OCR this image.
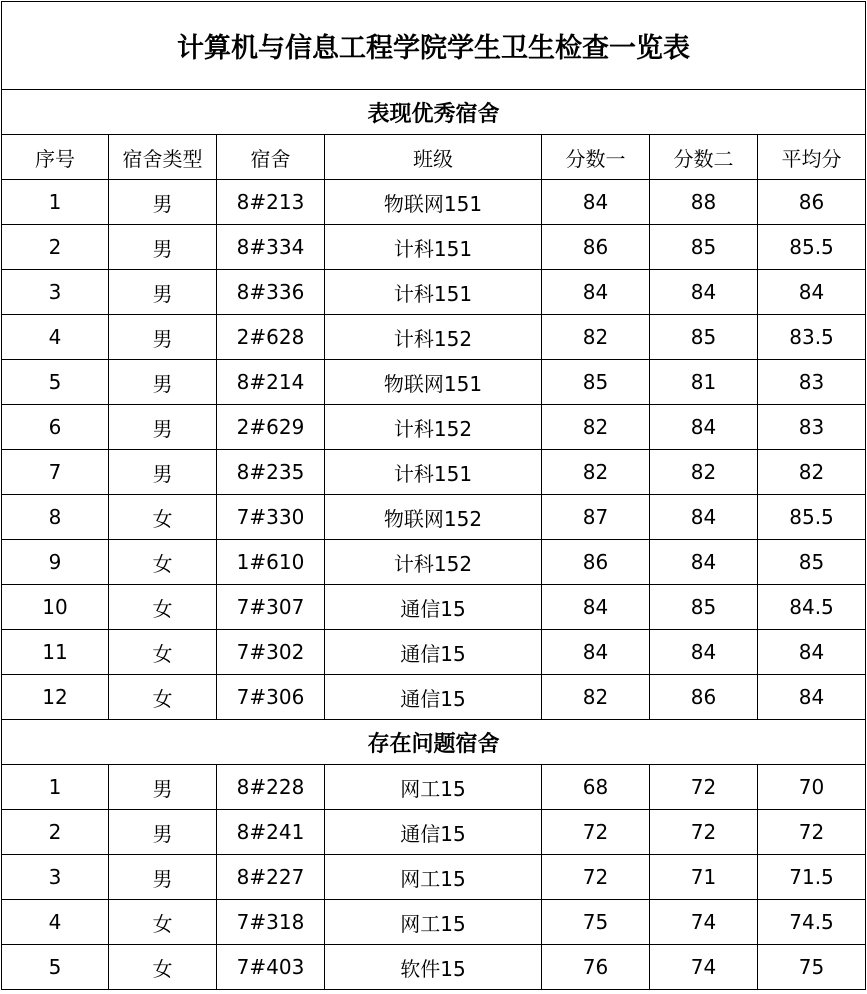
计算机与信息工程学院学生卫生检查一览表						
表现优秀宿舍						
序号	宿舍类型	宿舍	班级	分数一	分数二	平均分
1	男	8#213	物联网151	84	88	86
2	男	8#334	计科151	86	85	85.5
3	男	8#336	计科151	84	84	84
4	男	2#628	计科152	82	85	83.5
5	男	8#214	物联网151	85	81	83
6	男	2#629	计科152	82	84	83
7	男	8#235	计科151	82	82	82
8	女	7#330	物联网152	87	84	85.5
9	女	1#610	计科152	86	84	85
10	女	7#307	通信15	84	85	84.5
11	女	7#302	通信15	84	84	84
12	女	7#306	通信15	82	86	84
存在问题宿舍						
1	男	8#228	网工15	68	72	70
2	男	8#241	通信15	72	72	72
3	男	8#227	网工15	72	71	71.5
4	女	7#318	网工15	75	74	74.5
5	女	7#403	软件15	76	74	75
